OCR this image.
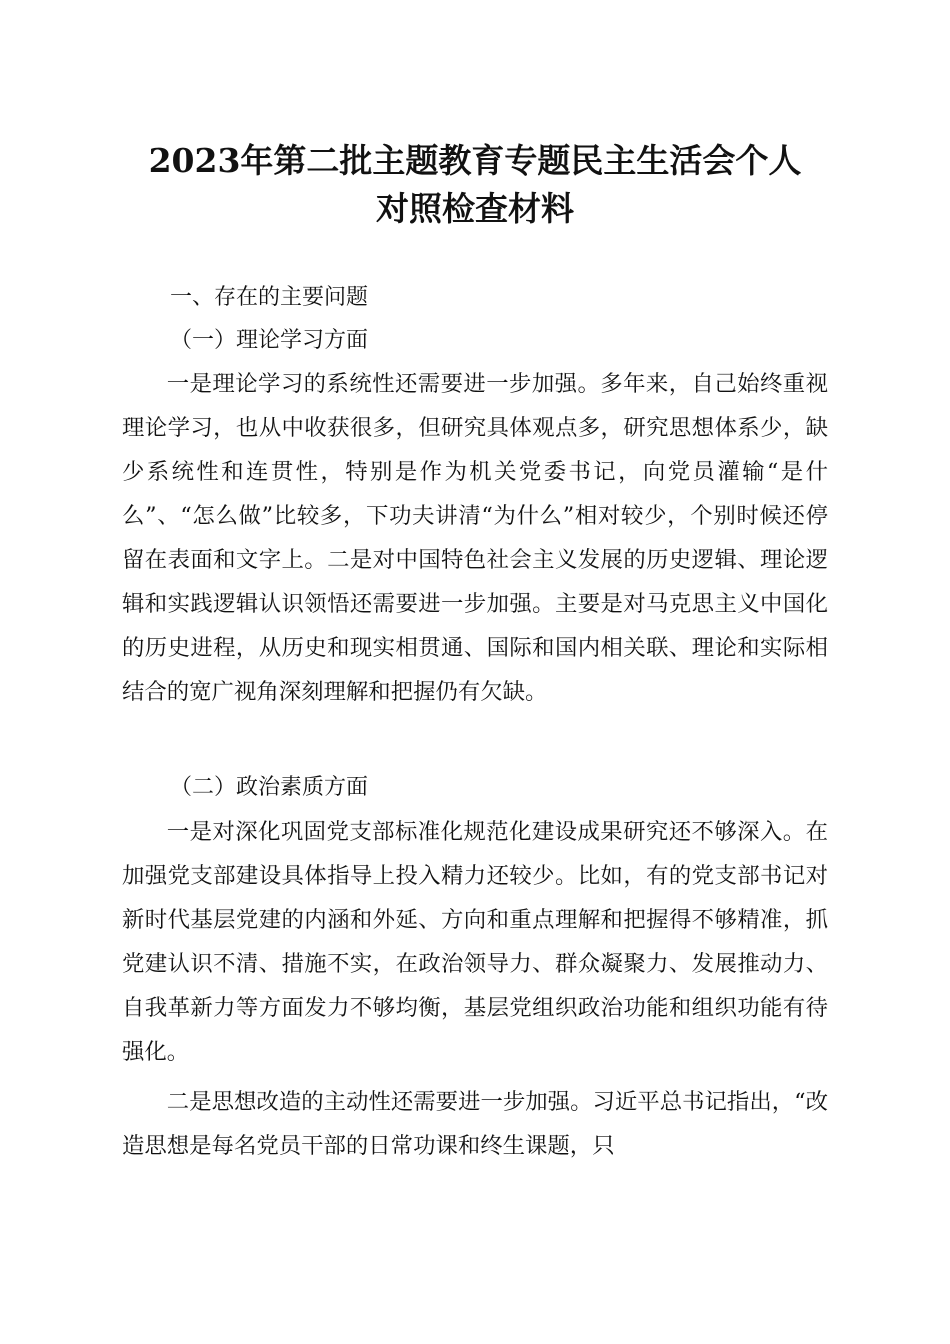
2023年第二批主题教育专题民主生活会个人
对照检查材料
一、存在的主要问题
（一）理论学习方面

一是理论学习的系统性还需要进一步加强。多年来，自己始终重视理论学习，也从中收获很多，但研究具体观点多，研究思想体系少，缺少系统性和连贯性，特别是作为机关党委书记，向党员灌输“是什么”、“怎么做”比较多，下功夫讲清“为什么”相对较少，个别时候还停留在表面和文字上。二是对中国特色社会主义发展的历史逻辑、理论逻辑和实践逻辑认识领悟还需要进一步加强。主要是对马克思主义中国化的历史进程，从历史和现实相贯通、国际和国内相关联、理论和实际相结合的宽广视角深刻理解和把握仍有欠缺。

（二）政治素质方面

一是对深化巩固党支部标准化规范化建设成果研究还不够深入。在加强党支部建设具体指导上投入精力还较少。比如，有的党支部书记对新时代基层党建的内涵和外延、方向和重点理解和把握得不够精准，抓党建认识不清、措施不实，在政治领导力、群众凝聚力、发展推动力、自我革新力等方面发力不够均衡，基层党组织政治功能和组织功能有待强化。

二是思想改造的主动性还需要进一步加强。习近平总书记指出，“改造思想是每名党员干部的日常功课和终生课题，只
